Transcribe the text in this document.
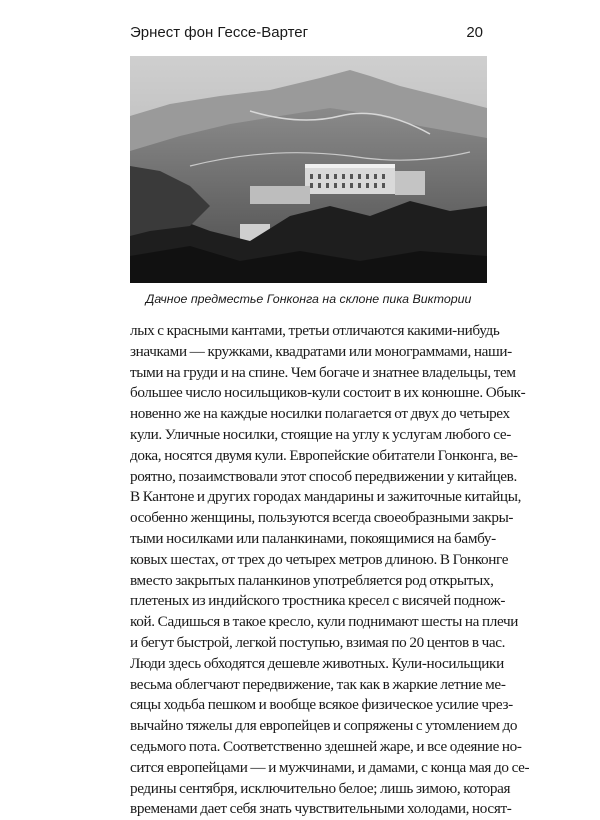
Эрнест фон Гессе-Вартег	20
Дачное предместье Гонконга на склоне пика Виктории
лых с красными кантами, третьи отличаются какими-нибудь
значками — кружками, квадратами или монограммами, наши-
тыми на груди и на спине. Чем богаче и знатнее владельцы, тем
большее число носильщиков-кули состоит в их конюшне. Обык-
новенно же на каждые носилки полагается от двух до четырех
кули. Уличные носилки, стоящие на углу к услугам любого се-
дока, носятся двумя кули. Европейские обитатели Гонконга, ве-
роятно, позаимствовали этот способ передвижении у китайцев.
В Кантоне и других городах мандарины и зажиточные китайцы,
особенно женщины, пользуются всегда своеобразными закры-
тыми носилками или паланкинами, покоящимися на бамбу-
ковых шестах, от трех до четырех метров длиною. В Гонконге
вместо закрытых паланкинов употребляется род открытых,
плетеных из индийского тростника кресел с висячей поднож-
кой. Садишься в такое кресло, кули поднимают шесты на плечи
и бегут быстрой, легкой поступью, взимая по 20 центов в час.
Люди здесь обходятся дешевле животных. Кули-носильщики
весьма облегчают передвижение, так как в жаркие летние ме-
сяцы ходьба пешком и вообще всякое физическое усилие чрез-
вычайно тяжелы для европейцев и сопряжены с утомлением до
седьмого пота. Соответственно здешней жаре, и все одеяние но-
сится европейцами — и мужчинами, и дамами, с конца мая до се-
редины сентября, исключительно белое; лишь зимою, которая
временами дает себя знать чувствительными холодами, носят-
